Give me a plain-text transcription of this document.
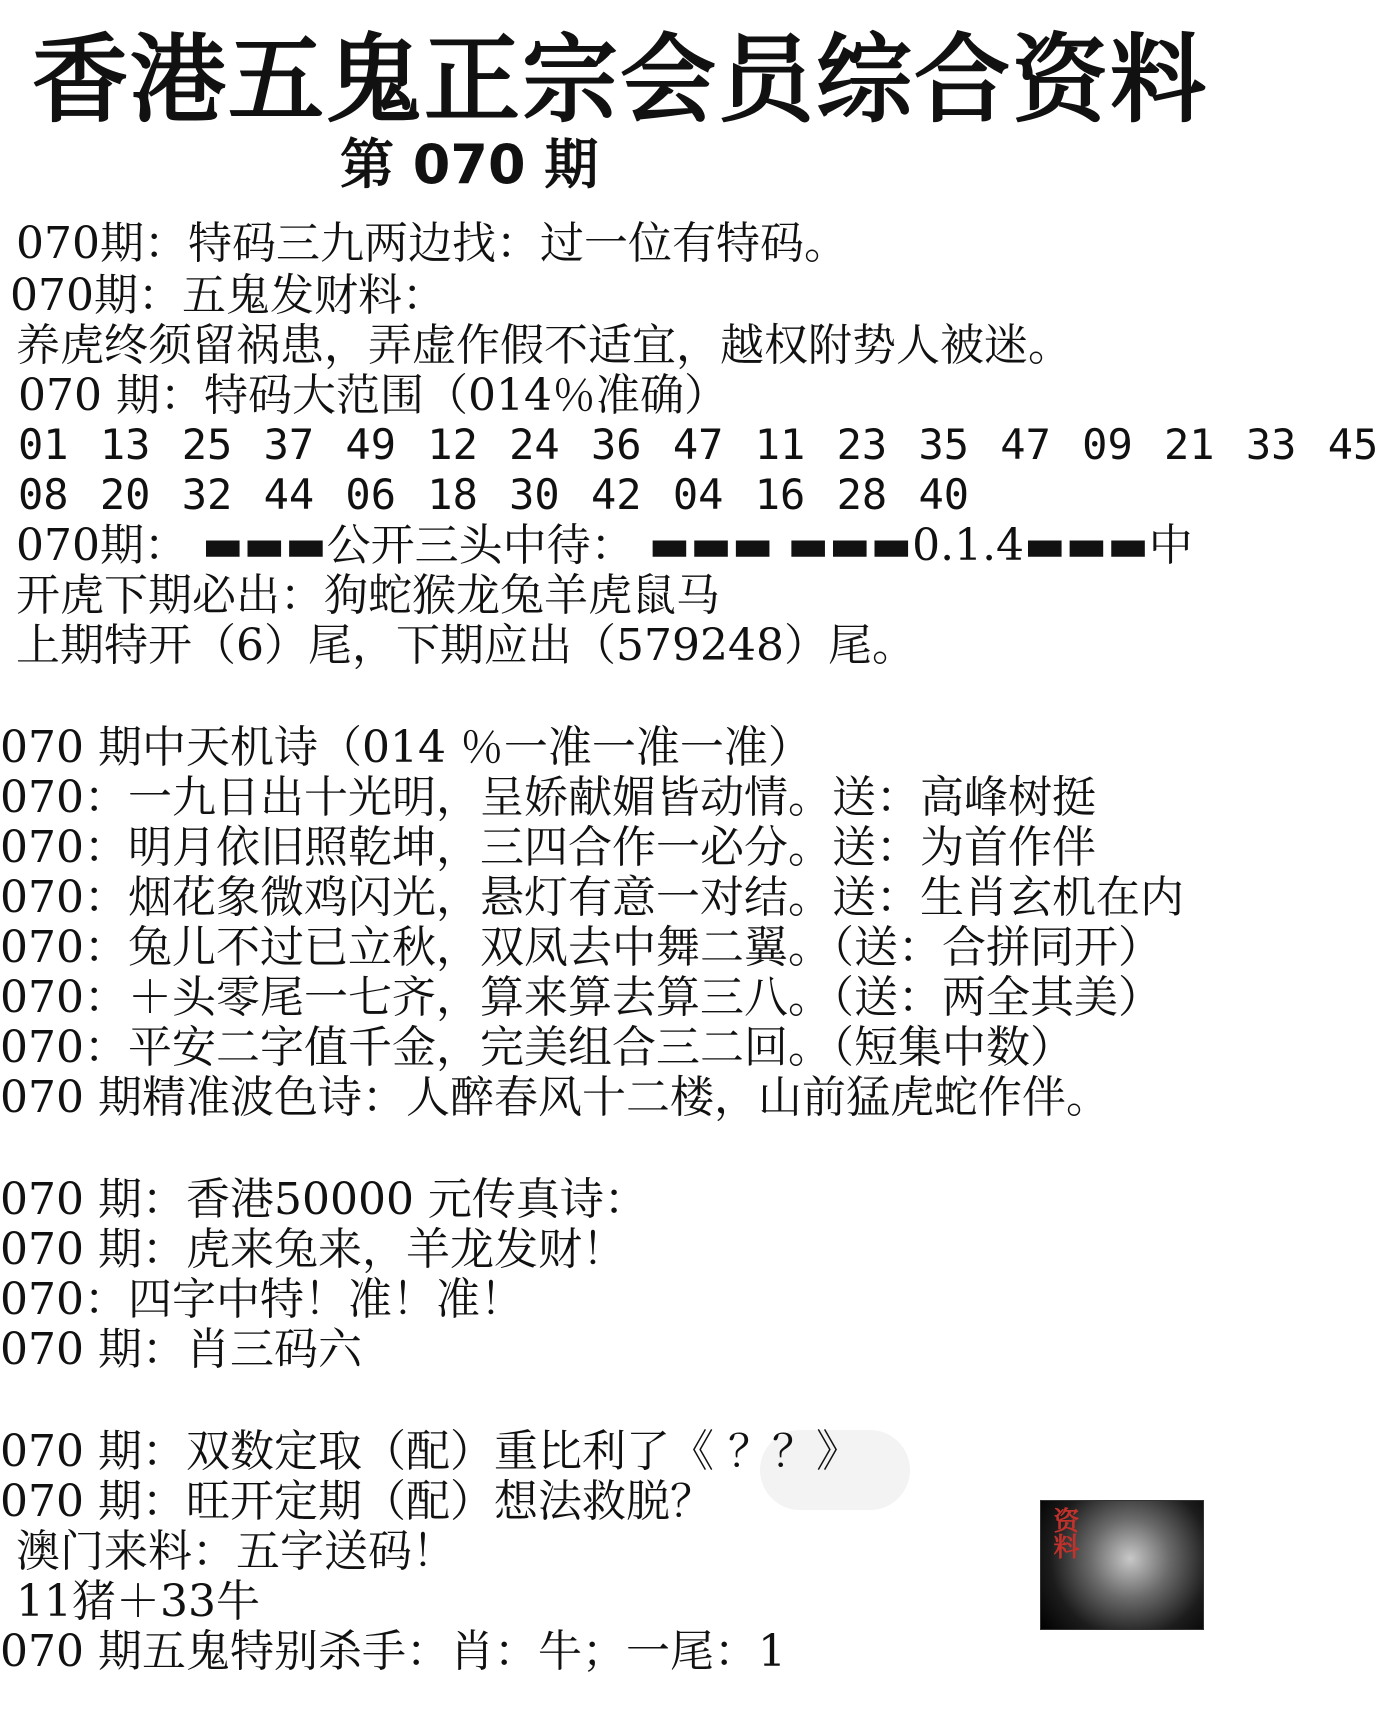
香港五鬼正宗会员综合资料
第 070 期
070期：特码三九两边找：过一位有特码。
070期：五鬼发财料：
养虎终须留祸患，弄虚作假不适宜，越权附势人被迷。
070 期：特码大范围（014％准确）
01 13 25 37 49 12 24 36 47 11 23 35 47 09 21 33 45
08 20 32 44 06 18 30 42 04 16 28 40
070期： ▬▬▬公开三头中待： ▬▬▬ ▬▬▬0.1.4▬▬▬中
开虎下期必出：狗蛇猴龙兔羊虎鼠马
上期特开（6）尾，下期应出（579248）尾。
070 期中天机诗（014 ％一准一准一准）
070：一九日出十光明，呈娇献媚皆动情。送：高峰树挺
070：明月依旧照乾坤，三四合作一必分。送：为首作伴
070：烟花象微鸡闪光，悬灯有意一对结。送：生肖玄机在内
070：兔儿不过已立秋，双凤去中舞二翼。（送：合拼同开）
070：＋头零尾一七齐，算来算去算三八。（送：两全其美）
070：平安二字值千金，完美组合三二回。（短集中数）
070 期精准波色诗：人醉春风十二楼，山前猛虎蛇作伴。
070 期：香港50000 元传真诗：
070 期：虎来兔来，羊龙发财！
070：四字中特！准！准！
070 期：肖三码六
070 期：双数定取（配）重比利了《 ？？》
070 期：旺开定期（配）想法救脱？
澳门来料：五字送码！
11猪＋33牛
070 期五鬼特别杀手：肖：牛；一尾：1
资料
